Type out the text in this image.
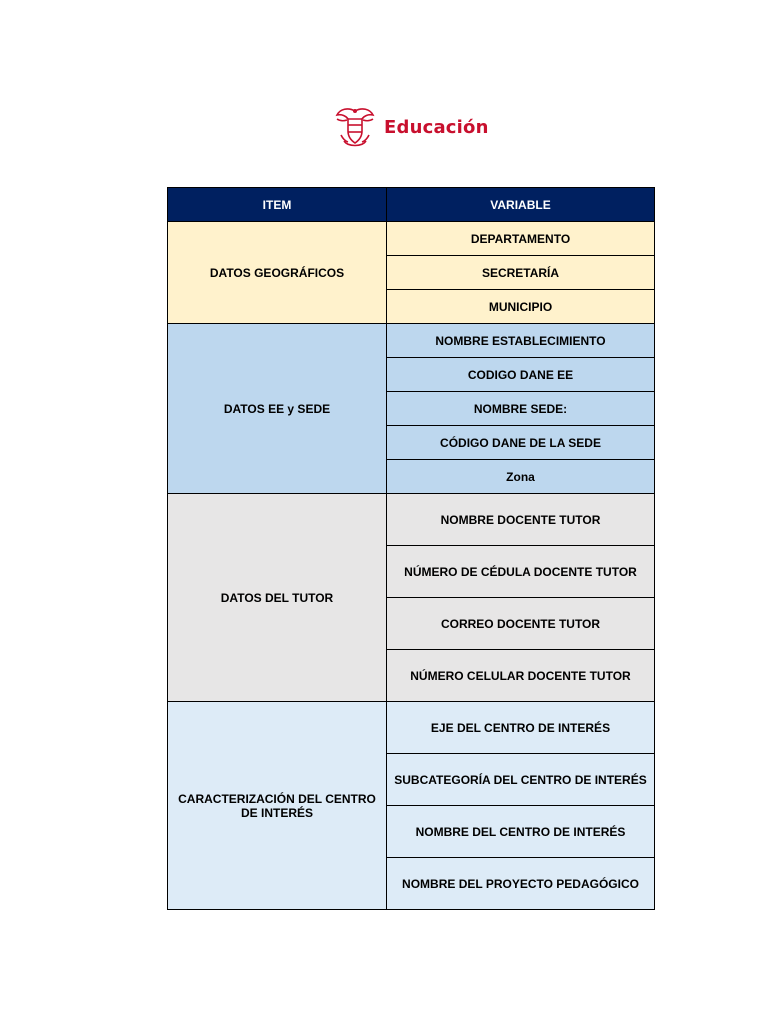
Educación
ITEM	VARIABLE
DATOS GEOGRÁFICOS	DEPARTAMENTO
	SECRETARÍA
	MUNICIPIO
DATOS EE y SEDE	NOMBRE ESTABLECIMIENTO
	CODIGO DANE EE
	NOMBRE SEDE:
	CÓDIGO DANE DE LA SEDE
	Zona
DATOS DEL TUTOR	NOMBRE DOCENTE TUTOR
	NÚMERO DE CÉDULA DOCENTE TUTOR
	CORREO DOCENTE TUTOR
	NÚMERO CELULAR DOCENTE TUTOR
CARACTERIZACIÓN DEL CENTRO DE INTERÉS	EJE DEL CENTRO DE INTERÉS
	SUBCATEGORÍA DEL CENTRO DE INTERÉS
	NOMBRE DEL CENTRO DE INTERÉS
	NOMBRE DEL PROYECTO PEDAGÓGICO
